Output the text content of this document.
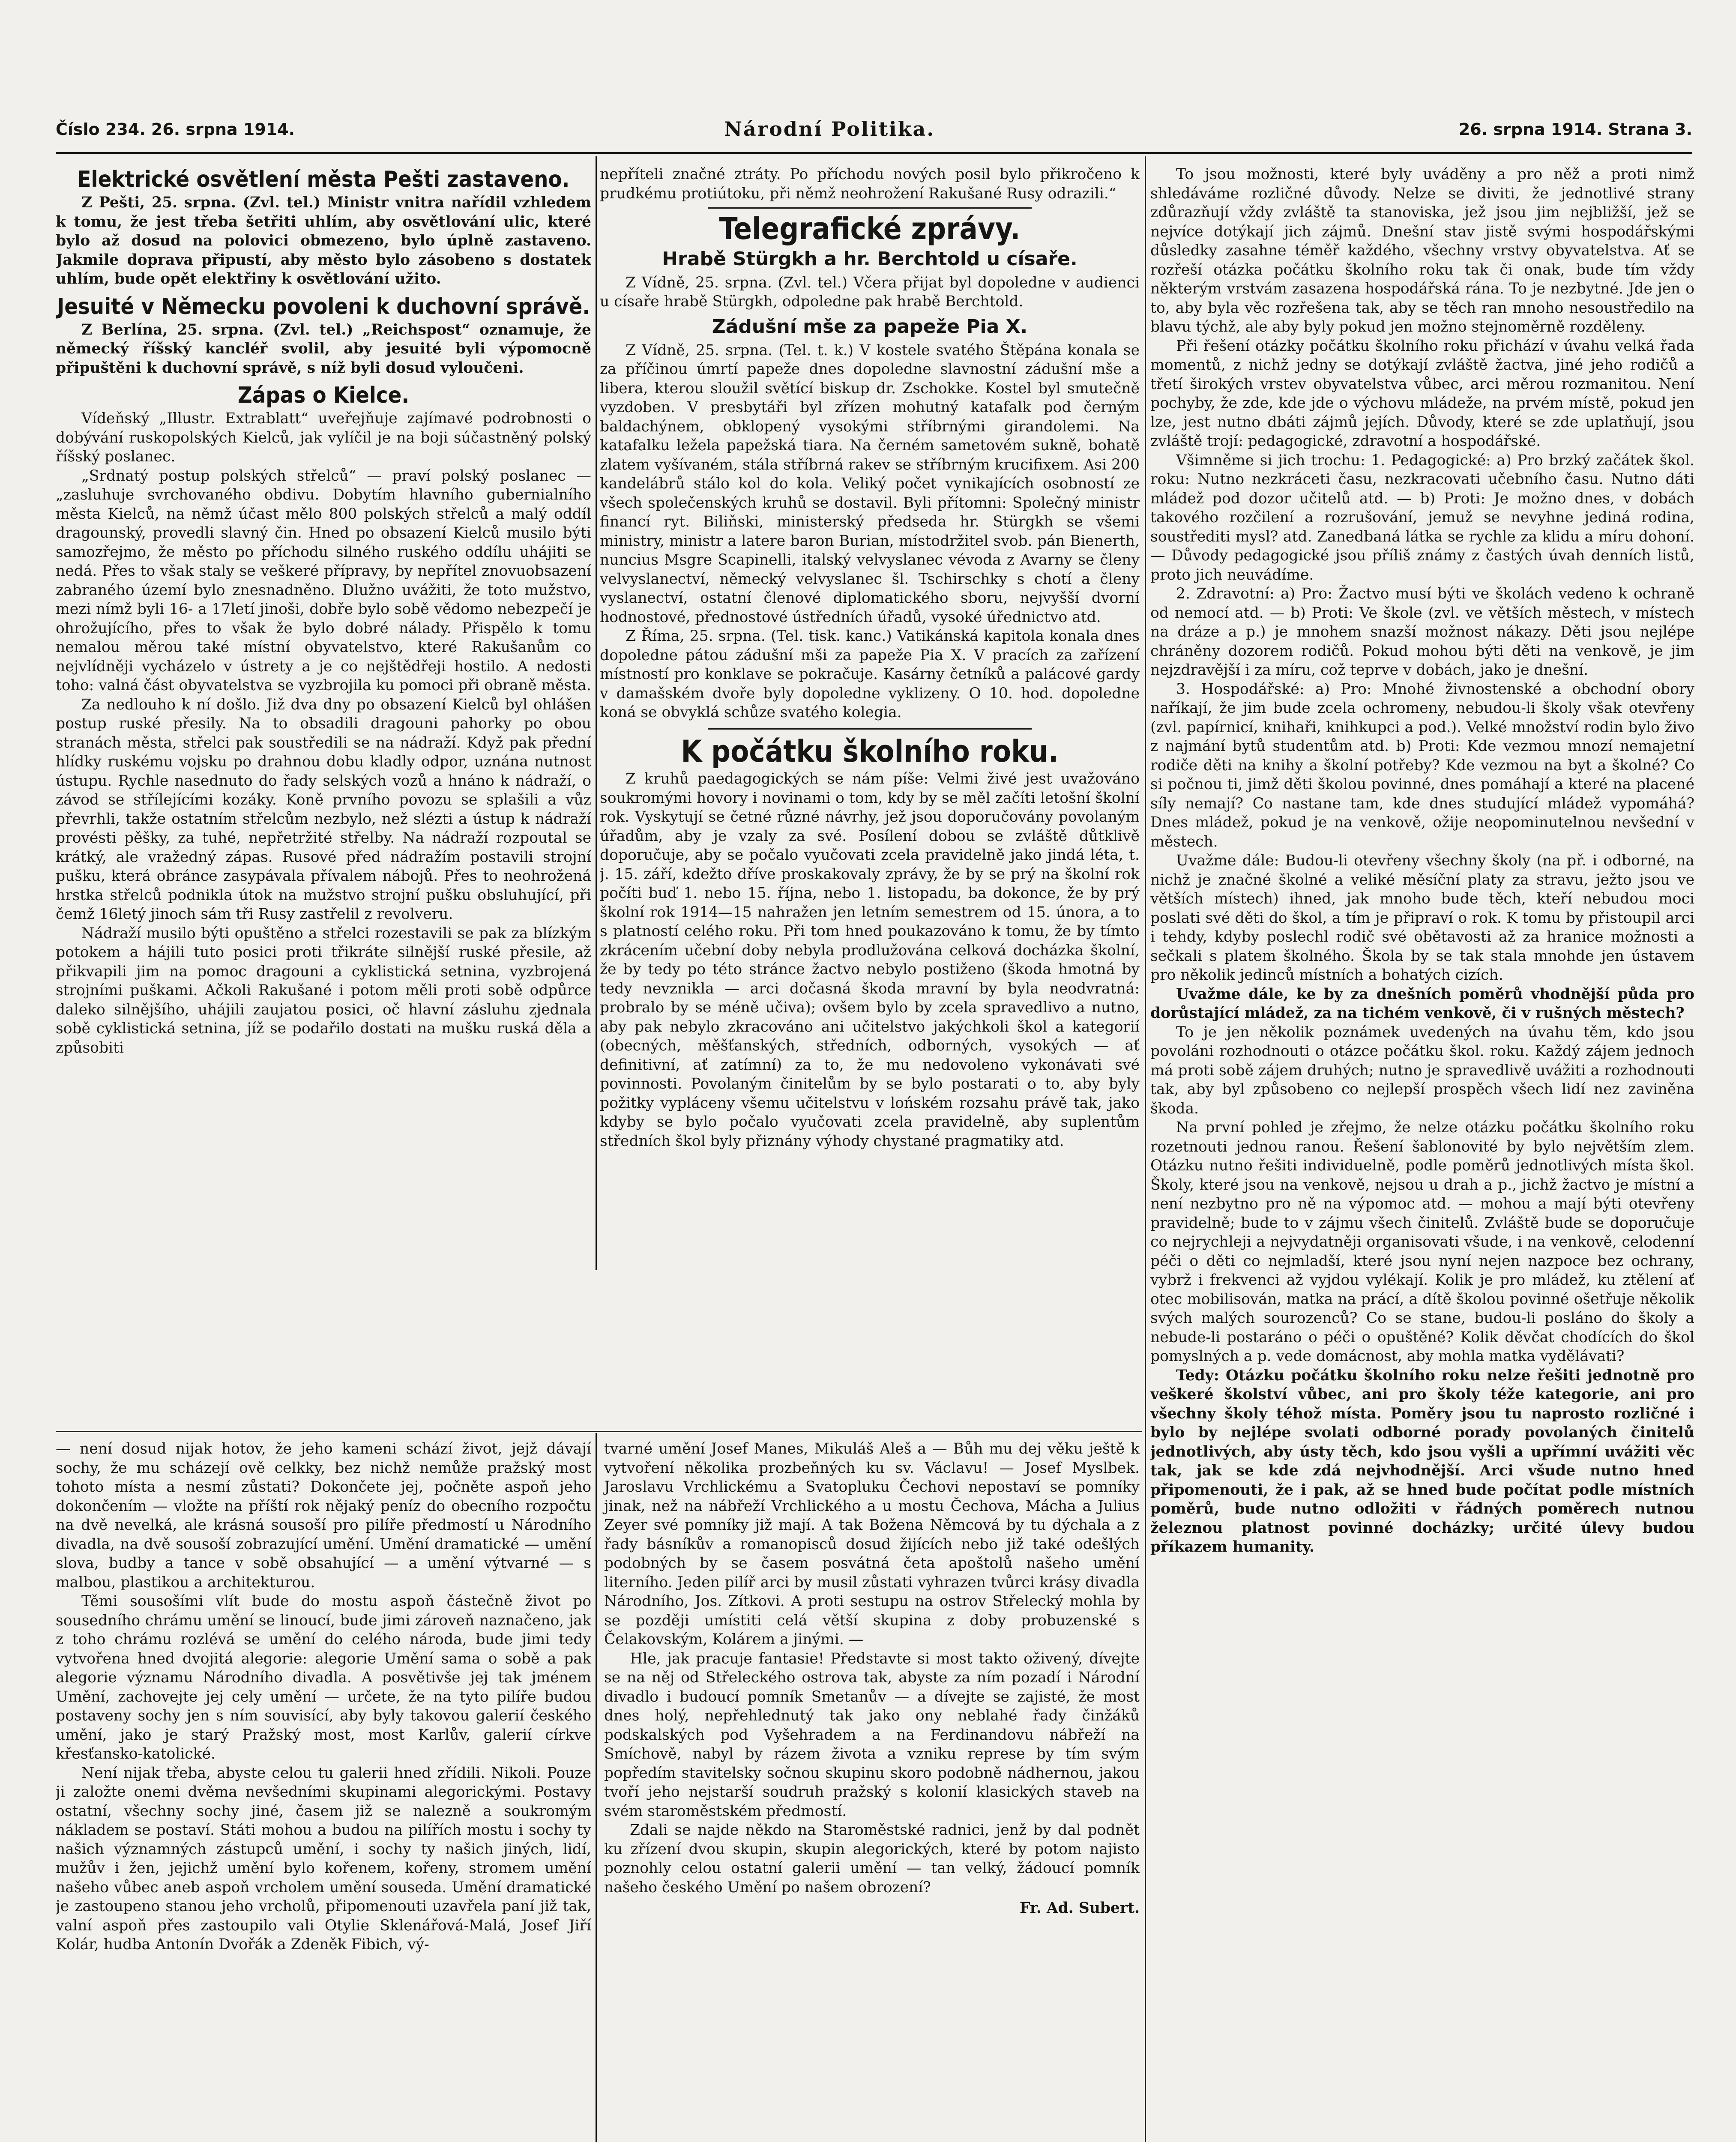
Číslo 234. 26. srpna 1914.	Národní Politika.	26. srpna 1914. Strana 3.
Elektrické osvětlení města Pešti zastaveno.

Z Pešti, 25. srpna. (Zvl. tel.) Ministr vnitra nařídil vzhledem k tomu, že jest třeba šetřiti uhlím, aby osvětlování ulic, které bylo až dosud na polovici obmezeno, bylo úplně zastaveno. Jakmile doprava připustí, aby město bylo zásobeno s dostatek uhlím, bude opět elektřiny k osvětlování užito.

Jesuité v Německu povoleni k duchovní správě.

Z Berlína, 25. srpna. (Zvl. tel.) „Reichspost“ oznamuje, že německý říšský kancléř svolil, aby jesuité byli výpomocně připuštěni k duchovní správě, s níž byli dosud vyloučeni.

Zápas o Kielce.

Vídeňský „Illustr. Extrablatt“ uveřejňuje zajímavé podrobnosti o dobývání ruskopolských Kielců, jak vylíčil je na boji súčastněný polský říšský poslanec.

„Srdnatý postup polských střelců“ — praví polský poslanec — „zasluhuje svrchovaného obdivu. Dobytím hlavního gubernialního města Kielců, na němž účast mělo 800 polských střelců a malý oddíl dragounský, provedli slavný čin. Hned po obsazení Kielců musilo býti samozřejmo, že město po příchodu silného ruského oddílu uhájiti se nedá. Přes to však staly se veškeré přípravy, by nepřítel znovuobsazení zabraného území bylo znesnadněno. Dlužno uvážiti, že toto mužstvo, mezi nímž byli 16- a 17letí jinoši, dobře bylo sobě vědomo nebezpečí je ohrožujícího, přes to však že bylo dobré nálady. Přispělo k tomu nemalou měrou také místní obyvatelstvo, které Rakušanům co nejvlídněji vycházelo v ústrety a je co nejštědřeji hostilo. A nedosti toho: valná část obyvatelstva se vyzbrojila ku pomoci při obraně města.

Za nedlouho k ní došlo. Již dva dny po obsazení Kielců byl ohlášen postup ruské přesily. Na to obsadili dragouni pahorky po obou stranách města, střelci pak soustředili se na nádraží. Když pak přední hlídky ruskému vojsku po drahnou dobu kladly odpor, uznána nutnost ústupu. Rychle nasednuto do řady selských vozů a hnáno k nádraží, o závod se střílejícími kozáky. Koně prvního povozu se splašili a vůz převrhli, takže ostatním střelcům nezbylo, než slézti a ústup k nádraží provésti pěšky, za tuhé, nepřetržité střelby. Na nádraží rozpoutal se krátký, ale vražedný zápas. Rusové před nádražím postavili strojní pušku, která obránce zasypávala přívalem nábojů. Přes to neohrožená hrstka střelců podnikla útok na mužstvo strojní pušku obsluhující, při čemž 16letý jinoch sám tři Rusy zastřelil z revolveru.

Nádraží musilo býti opuštěno a střelci rozestavili se pak za blízkým potokem a hájili tuto posici proti třikráte silnější ruské přesile, až přikvapili jim na pomoc dragouni a cyklistická setnina, vyzbrojená strojními puškami. Ačkoli Rakušané i potom měli proti sobě odpůrce daleko silnějšího, uhájili zaujatou posici, oč hlavní zásluhu zjednala sobě cyklistická setnina, jíž se podařilo dostati na mušku ruská děla a způsobiti

nepříteli značné ztráty. Po příchodu nových posil bylo přikročeno k prudkému protiútoku, při němž neohrožení Rakušané Rusy odrazili.“

Telegrafické zprávy.
Hrabě Stürgkh a hr. Berchtold u císaře.

Z Vídně, 25. srpna. (Zvl. tel.) Včera přijat byl dopoledne v audienci u císaře hrabě Stürgkh, odpoledne pak hrabě Berchtold.

Zádušní mše za papeže Pia X.

Z Vídně, 25. srpna. (Tel. t. k.) V kostele svatého Štěpána konala se za příčinou úmrtí papeže dnes dopoledne slavnostní zádušní mše a libera, kterou sloužil světící biskup dr. Zschokke. Kostel byl smutečně vyzdoben. V presbytáři byl zřízen mohutný katafalk pod černým baldachýnem, obklopený vysokými stříbrnými girandolemi. Na katafalku ležela papežská tiara. Na černém sametovém sukně, bohatě zlatem vyšívaném, stála stříbrná rakev se stříbrným krucifixem. Asi 200 kandelábrů stálo kol do kola. Veliký počet vynikajících osobností ze všech společenských kruhů se dostavil. Byli přítomni: Společný ministr financí ryt. Biliňski, ministerský předseda hr. Stürgkh se všemi ministry, ministr a latere baron Burian, místodržitel svob. pán Bienerth, nuncius Msgre Scapinelli, italský velvyslanec vévoda z Avarny se členy velvyslanectví, německý velvyslanec šl. Tschirschky s chotí a členy vyslanectví, ostatní členové diplomatického sboru, nejvyšší dvorní hodnostové, přednostové ústředních úřadů, vysoké úřednictvo atd.

Z Říma, 25. srpna. (Tel. tisk. kanc.) Vatikánská kapitola konala dnes dopoledne pátou zádušní mši za papeže Pia X. V pracích za zařízení místností pro konklave se pokračuje. Kasárny četníků a palácové gardy v damašském dvoře byly dopoledne vyklizeny. O 10. hod. dopoledne koná se obvyklá schůze svatého kolegia.

K počátku školního roku.

Z kruhů paedagogických se nám píše: Velmi živé jest uvažováno soukromými hovory i novinami o tom, kdy by se měl začíti letošní školní rok. Vyskytují se četné různé návrhy, jež jsou doporučovány povolaným úřadům, aby je vzaly za své. Posílení dobou se zvláště důtklivě doporučuje, aby se počalo vyučovati zcela pravidelně jako jindá léta, t. j. 15. září, kdežto dříve proskakovaly zprávy, že by se prý na školní rok počíti buď 1. nebo 15. října, nebo 1. listopadu, ba dokonce, že by prý školní rok 1914—15 nahražen jen letním semestrem od 15. února, a to s platností celého roku. Při tom hned poukazováno k tomu, že by tímto zkrácením učební doby nebyla prodlužována celková docházka školní, že by tedy po této stránce žactvo nebylo postiženo (škoda hmotná by tedy nevznikla — arci dočasná škoda mravní by byla neodvratná: probralo by se méně učiva); ovšem bylo by zcela spravedlivo a nutno, aby pak nebylo zkracováno ani učitelstvo jakýchkoli škol a kategorií (obecných, měšťanských, středních, odborných, vysokých — ať definitivní, ať zatímní) za to, že mu nedovoleno vykonávati své povinnosti. Povolaným činitelům by se bylo postarati o to, aby byly požitky vypláceny všemu učitelstvu v lońském rozsahu právě tak, jako kdyby se bylo počalo vyučovati zcela pravidelně, aby suplentům středních škol byly přiznány výhody chystané pragmatiky atd.

To jsou možnosti, které byly uváděny a pro něž a proti nimž shledáváme rozličné důvody. Nelze se diviti, že jednotlivé strany zdůrazňují vždy zvláště ta stanoviska, jež jsou jim nejbližší, jež se nejvíce dotýkají jich zájmů. Dnešní stav jistě svými hospodářskými důsledky zasahne téměř každého, všechny vrstvy obyvatelstva. Ať se rozřeší otázka počátku školního roku tak či onak, bude tím vždy některým vrstvám zasazena hospodářská rána. To je nezbytné. Jde jen o to, aby byla věc rozřešena tak, aby se těch ran mnoho nesoustředilo na blavu týchž, ale aby byly pokud jen možno stejnoměrně rozděleny.

Při řešení otázky počátku školního roku přichází v úvahu velká řada momentů, z nichž jedny se dotýkají zvláště žactva, jiné jeho rodičů a třetí širokých vrstev obyvatelstva vůbec, arci měrou rozmanitou. Není pochyby, že zde, kde jde o výchovu mládeže, na prvém místě, pokud jen lze, jest nutno dbáti zájmů jejích. Důvody, které se zde uplatňují, jsou zvláště trojí: pedagogické, zdravotní a hospodářské.

Všimněme si jich trochu: 1. Pedagogické: a) Pro brzký začátek škol. roku: Nutno nezkráceti času, nezkracovati učebního času. Nutno dáti mládež pod dozor učitelů atd. — b) Proti: Je možno dnes, v dobách takového rozčilení a rozrušování, jemuž se nevyhne jediná rodina, soustřediti mysl? atd. Zanedbaná látka se rychle za klidu a míru dohoní. — Důvody pedagogické jsou příliš známy z častých úvah denních listů, proto jich neuvádíme.

2. Zdravotní: a) Pro: Žactvo musí býti ve školách vedeno k ochraně od nemocí atd. — b) Proti: Ve škole (zvl. ve větších městech, v místech na dráze a p.) je mnohem snazší možnost nákazy. Děti jsou nejlépe chráněny dozorem rodičů. Pokud mohou býti děti na venkově, je jim nejzdravější i za míru, což teprve v dobách, jako je dnešní.

3. Hospodářské: a) Pro: Mnohé živnostenské a obchodní obory naříkají, že jim bude zcela ochromeny, nebudou-li školy však otevřeny (zvl. papírnicí, knihaři, knihkupci a pod.). Velké množství rodin bylo živo z najmání bytů studentům atd. b) Proti: Kde vezmou mnozí nemajetní rodiče děti na knihy a školní potřeby? Kde vezmou na byt a školné? Co si počnou ti, jimž děti školou povinné, dnes pomáhají a které na placené síly nemají? Co nastane tam, kde dnes studující mládež vypomáhá? Dnes mládež, pokud je na venkově, ožije neopominutelnou nevšední v městech.

Uvažme dále: Budou-li otevřeny všechny školy (na př. i odborné, na nichž je značné školné a veliké měsíční platy za stravu, ježto jsou ve větších místech) ihned, jak mnoho bude těch, kteří nebudou moci poslati své děti do škol, a tím je připraví o rok. K tomu by přistoupil arci i tehdy, kdyby poslechl rodič své obětavosti až za hranice možnosti a sečkali s platem školného. Škola by se tak stala mnohde jen ústavem pro několik jedinců místních a bohatých cizích.

Uvažme dále, ke by za dnešních poměrů vhodnější půda pro dorůstající mládež, za na tichém venkově, či v rušných městech?

To je jen několik poznámek uvedených na úvahu těm, kdo jsou povoláni rozhodnouti o otázce počátku škol. roku. Každý zájem jednoch má proti sobě zájem druhých; nutno je spravedlivě uvážiti a rozhodnouti tak, aby byl způsobeno co nejlepší prospěch všech lidí nez zaviněna škoda.

Na první pohled je zřejmo, že nelze otázku počátku školního roku rozetnouti jednou ranou. Řešení šablonovité by bylo největším zlem. Otázku nutno řešiti individuelně, podle poměrů jednotlivých místa škol. Školy, které jsou na venkově, nejsou u drah a p., jichž žactvo je místní a není nezbytno pro ně na výpomoc atd. — mohou a mají býti otevřeny pravidelně; bude to v zájmu všech činitelů. Zvláště bude se doporučuje co nejrychleji a nejvydatněji organisovati všude, i na venkově, celodenní péči o děti co nejmladší, které jsou nyní nejen nazpoce bez ochrany, vybrž i frekvenci až vyjdou vylékají. Kolik je pro mládež, ku ztělení ať otec mobilisován, matka na prácí, a dítě školou povinné ošetřuje několik svých malých sourozenců? Co se stane, budou-li posláno do školy a nebude-li postaráno o péči o opuštěné? Kolik děvčat chodících do škol pomyslných a p. vede domácnost, aby mohla matka vydělávati?

Tedy: Otázku počátku školního roku nelze řešiti jednotně pro veškeré školství vůbec, ani pro školy téže kategorie, ani pro všechny školy téhož místa. Poměry jsou tu naprosto rozličné i bylo by nejlépe svolati odborné porady povolaných činitelů jednotlivých, aby ústy těch, kdo jsou vyšli a upřímní uvážiti věc tak, jak se kde zdá nejvhodnější. Arci všude nutno hned připomenouti, že i pak, až se hned bude počítat podle místních poměrů, bude nutno odložiti v řádných poměrech nutnou železnou platnost povinné docházky; určité úlevy budou příkazem humanity.

— není dosud nijak hotov, že jeho kameni schází život, jejž dávají sochy, že mu scházejí ově celkky, bez nichž nemůže pražský most tohoto místa a nesmí zůstati? Dokončete jej, počněte aspoň jeho dokončením — vložte na příští rok nějaký peníz do obecního rozpočtu na dvě nevelká, ale krásná sousoší pro pilíře předmostí u Národního divadla, na dvě sousoší zobrazující umění. Umění dramatické — umění slova, budby a tance v sobě obsahující — a umění výtvarné — s malbou, plastikou a architekturou.

Těmi sousošími vlít bude do mostu aspoň částečně život po sousedního chrámu umění se linoucí, bude jimi zároveň naznačeno, jak z toho chrámu rozlévá se umění do celého národa, bude jimi tedy vytvořena hned dvojitá alegorie: alegorie Umění sama o sobě a pak alegorie významu Národního divadla. A posvětivše jej tak jménem Umění, zachovejte jej cely umění — určete, že na tyto pilíře budou postaveny sochy jen s ním souvisící, aby byly takovou galerií českého umění, jako je starý Pražský most, most Karlův, galerií církve křesťansko-katolické.

Není nijak třeba, abyste celou tu galerii hned zřídili. Nikoli. Pouze ji založte onemi dvěma nevšedními skupinami alegorickými. Postavy ostatní, všechny sochy jiné, časem již se nalezně a soukromým nákladem se postaví. Státi mohou a budou na pilířích mostu i sochy ty našich významných zástupců umění, i sochy ty našich jiných, lidí, mužův i žen, jejichž umění bylo kořenem, kořeny, stromem umění našeho vůbec aneb aspoň vrcholem umění souseda. Umění dramatické je zastoupeno stanou jeho vrcholů, připomenouti uzavřela paní již tak, valní aspoň přes zastoupilo vali Otylie Sklenářová-Malá, Josef Jiří Kolár, hudba Antonín Dvořák a Zdeněk Fibich, vý-

tvarné umění Josef Manes, Mikuláš Aleš a — Bůh mu dej věku ještě k vytvoření několika prozbeňných ku sv. Václavu! — Josef Myslbek. Jaroslavu Vrchlickému a Svatopluku Čechovi nepostaví se pomníky jinak, než na nábřeží Vrchlického a u mostu Čechova, Mácha a Julius Zeyer své pomníky již mají. A tak Božena Němcová by tu dýchala a z řady básníkův a romanopisců dosud žijících nebo již také odešlých podobných by se časem posvátná četa apoštolů našeho umění literního. Jeden pilíř arci by musil zůstati vyhrazen tvůrci krásy divadla Národního, Jos. Zítkovi. A proti sestupu na ostrov Střelecký mohla by se později umístiti celá větší skupina z doby probuzenské s Čelakovským, Kolárem a jinými. —

Hle, jak pracuje fantasie! Představte si most takto oživený, dívejte se na něj od Střeleckého ostrova tak, abyste za ním pozadí i Národní divadlo i budoucí pomník Smetanův — a dívejte se zajisté, že most dnes holý, nepřehlednutý tak jako ony neblahé řady činžáků podskalských pod Vyšehradem a na Ferdinandovu nábřeží na Smíchově, nabyl by rázem života a vzniku represe by tím svým popředím stavitelsky sočnou skupinu skoro podobně nádhernou, jakou tvoří jeho nejstarší soudruh pražský s kolonií klasických staveb na svém staroměstském předmostí.

Zdali se najde někdo na Staroměstské radnici, jenž by dal podnět ku zřízení dvou skupin, skupin alegorických, které by potom najisto poznohly celou ostatní galerii umění — tan velký, žádoucí pomník našeho českého Umění po našem obrození?

Fr. Ad. Subert.
